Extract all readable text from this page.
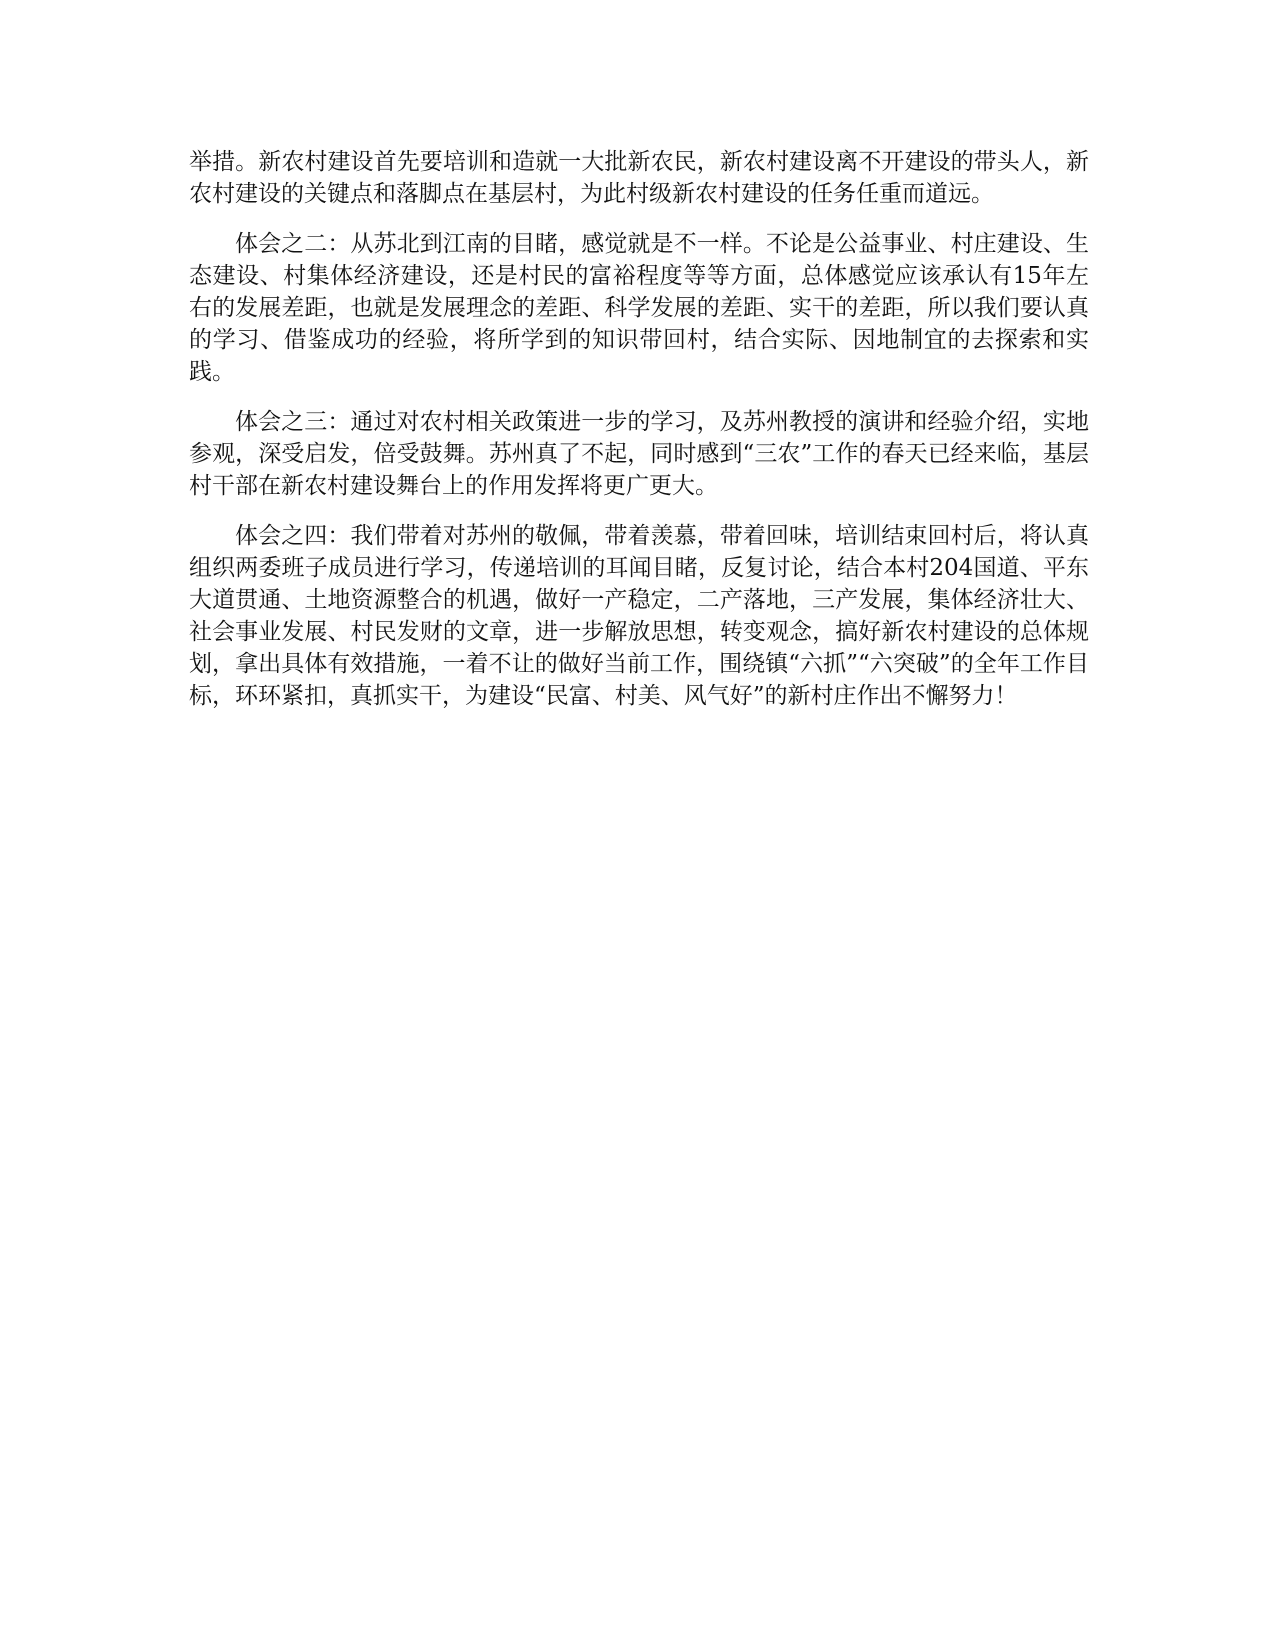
举措。新农村建设首先要培训和造就一大批新农民，新农村建设离不开建设的带头人，新农村建设的关键点和落脚点在基层村，为此村级新农村建设的任务任重而道远。

体会之二：从苏北到江南的目睹，感觉就是不一样。不论是公益事业、村庄建设、生态建设、村集体经济建设，还是村民的富裕程度等等方面，总体感觉应该承认有15年左右的发展差距，也就是发展理念的差距、科学发展的差距、实干的差距，所以我们要认真的学习、借鉴成功的经验，将所学到的知识带回村，结合实际、因地制宜的去探索和实践。

体会之三：通过对农村相关政策进一步的学习，及苏州教授的演讲和经验介绍，实地参观，深受启发，倍受鼓舞。苏州真了不起，同时感到“三农”工作的春天已经来临，基层村干部在新农村建设舞台上的作用发挥将更广更大。

体会之四：我们带着对苏州的敬佩，带着羡慕，带着回味，培训结束回村后，将认真组织两委班子成员进行学习，传递培训的耳闻目睹，反复讨论，结合本村204国道、平东大道贯通、土地资源整合的机遇，做好一产稳定，二产落地，三产发展，集体经济壮大、社会事业发展、村民发财的文章，进一步解放思想，转变观念，搞好新农村建设的总体规划，拿出具体有效措施，一着不让的做好当前工作，围绕镇“六抓”“六突破”的全年工作目标，环环紧扣，真抓实干，为建设“民富、村美、风气好”的新村庄作出不懈努力！
